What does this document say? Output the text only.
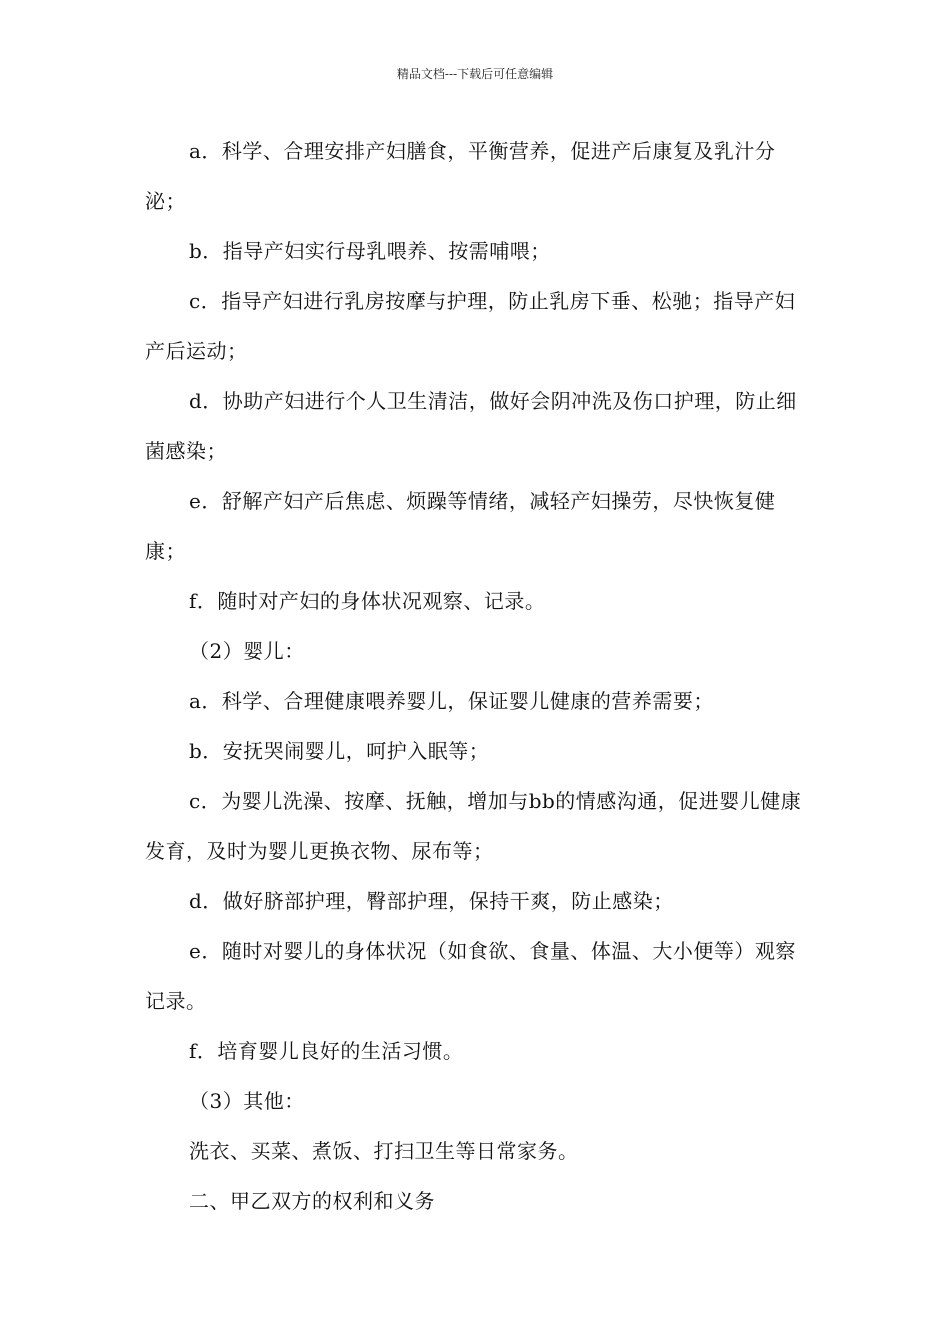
精品文档---下载后可任意编辑

a．科学、合理安排产妇膳食，平衡营养，促进产后康复及乳汁分泌；

b．指导产妇实行母乳喂养、按需哺喂；

c．指导产妇进行乳房按摩与护理，防止乳房下垂、松驰；指导产妇产后运动；

d．协助产妇进行个人卫生清洁，做好会阴冲洗及伤口护理，防止细菌感染；

e．舒解产妇产后焦虑、烦躁等情绪，减轻产妇操劳，尽快恢复健康；

f．随时对产妇的身体状况观察、记录。

（2）婴儿：

a．科学、合理健康喂养婴儿，保证婴儿健康的营养需要；

b．安抚哭闹婴儿，呵护入眠等；

c．为婴儿洗澡、按摩、抚触，增加与bb的情感沟通，促进婴儿健康发育，及时为婴儿更换衣物、尿布等；

d．做好脐部护理，臀部护理，保持干爽，防止感染；

e．随时对婴儿的身体状况（如食欲、食量、体温、大小便等）观察记录。

f．培育婴儿良好的生活习惯。

（3）其他：

洗衣、买菜、煮饭、打扫卫生等日常家务。

二、甲乙双方的权利和义务
